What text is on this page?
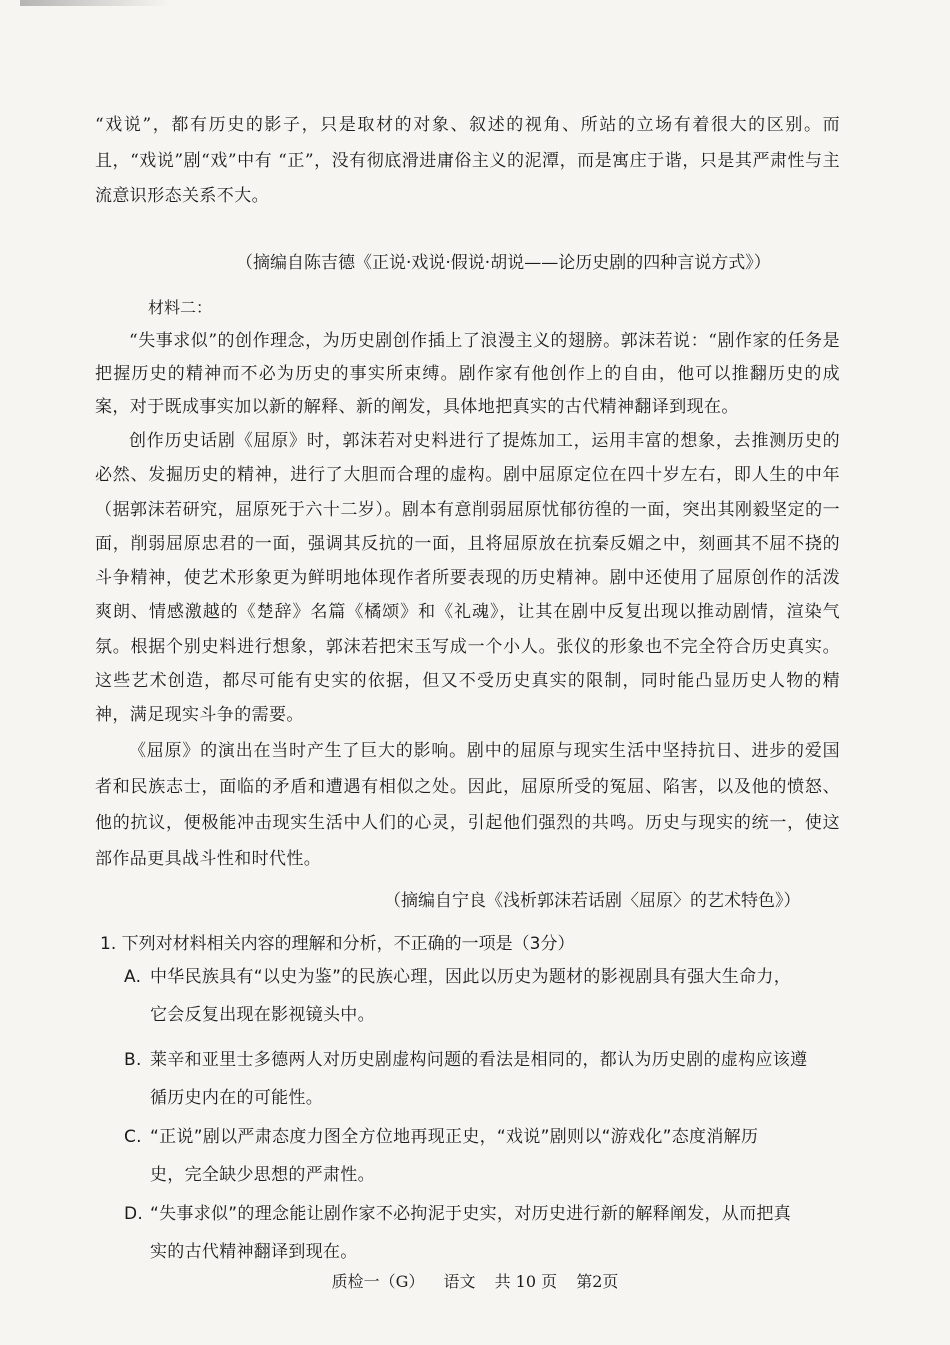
“戏说”，都有历史的影子，只是取材的对象、叙述的视角、所站的立场有着很大的区别。而且，“戏说”剧“戏”中有 “正”，没有彻底滑进庸俗主义的泥潭，而是寓庄于谐，只是其严肃性与主流意识形态关系不大。

（摘编自陈吉德《正说·戏说·假说·胡说——论历史剧的四种言说方式》）

材料二：

“失事求似”的创作理念，为历史剧创作插上了浪漫主义的翅膀。郭沫若说：“剧作家的任务是把握历史的精神而不必为历史的事实所束缚。剧作家有他创作上的自由，他可以推翻历史的成案，对于既成事实加以新的解释、新的阐发，具体地把真实的古代精神翻译到现在。

创作历史话剧《屈原》时，郭沫若对史料进行了提炼加工，运用丰富的想象，去推测历史的必然、发掘历史的精神，进行了大胆而合理的虚构。剧中屈原定位在四十岁左右，即人生的中年（据郭沫若研究，屈原死于六十二岁）。剧本有意削弱屈原忧郁彷徨的一面，突出其刚毅坚定的一面，削弱屈原忠君的一面，强调其反抗的一面，且将屈原放在抗秦反媚之中，刻画其不屈不挠的斗争精神，使艺术形象更为鲜明地体现作者所要表现的历史精神。剧中还使用了屈原创作的活泼爽朗、情感激越的《楚辞》名篇《橘颂》和《礼魂》，让其在剧中反复出现以推动剧情，渲染气氛。根据个别史料进行想象，郭沫若把宋玉写成一个小人。张仪的形象也不完全符合历史真实。这些艺术创造，都尽可能有史实的依据，但又不受历史真实的限制，同时能凸显历史人物的精神，满足现实斗争的需要。

《屈原》的演出在当时产生了巨大的影响。剧中的屈原与现实生活中坚持抗日、进步的爱国者和民族志士，面临的矛盾和遭遇有相似之处。因此，屈原所受的冤屈、陷害，以及他的愤怒、他的抗议，便极能冲击现实生活中人们的心灵，引起他们强烈的共鸣。历史与现实的统一，使这部作品更具战斗性和时代性。

（摘编自宁良《浅析郭沫若话剧〈屈原〉的艺术特色》）

1. 下列对材料相关内容的理解和分析，不正确的一项是（3分）

A. 中华民族具有“以史为鉴”的民族心理，因此以历史为题材的影视剧具有强大生命力，
它会反复出现在影视镜头中。
B. 莱辛和亚里士多德两人对历史剧虚构问题的看法是相同的，都认为历史剧的虚构应该遵
循历史内在的可能性。
C. “正说”剧以严肃态度力图全方位地再现正史，“戏说”剧则以“游戏化”态度消解历
史，完全缺少思想的严肃性。
D. “失事求似”的理念能让剧作家不必拘泥于史实，对历史进行新的解释阐发，从而把真
实的古代精神翻译到现在。
质检一（G） 语文 共 10 页 第2页
